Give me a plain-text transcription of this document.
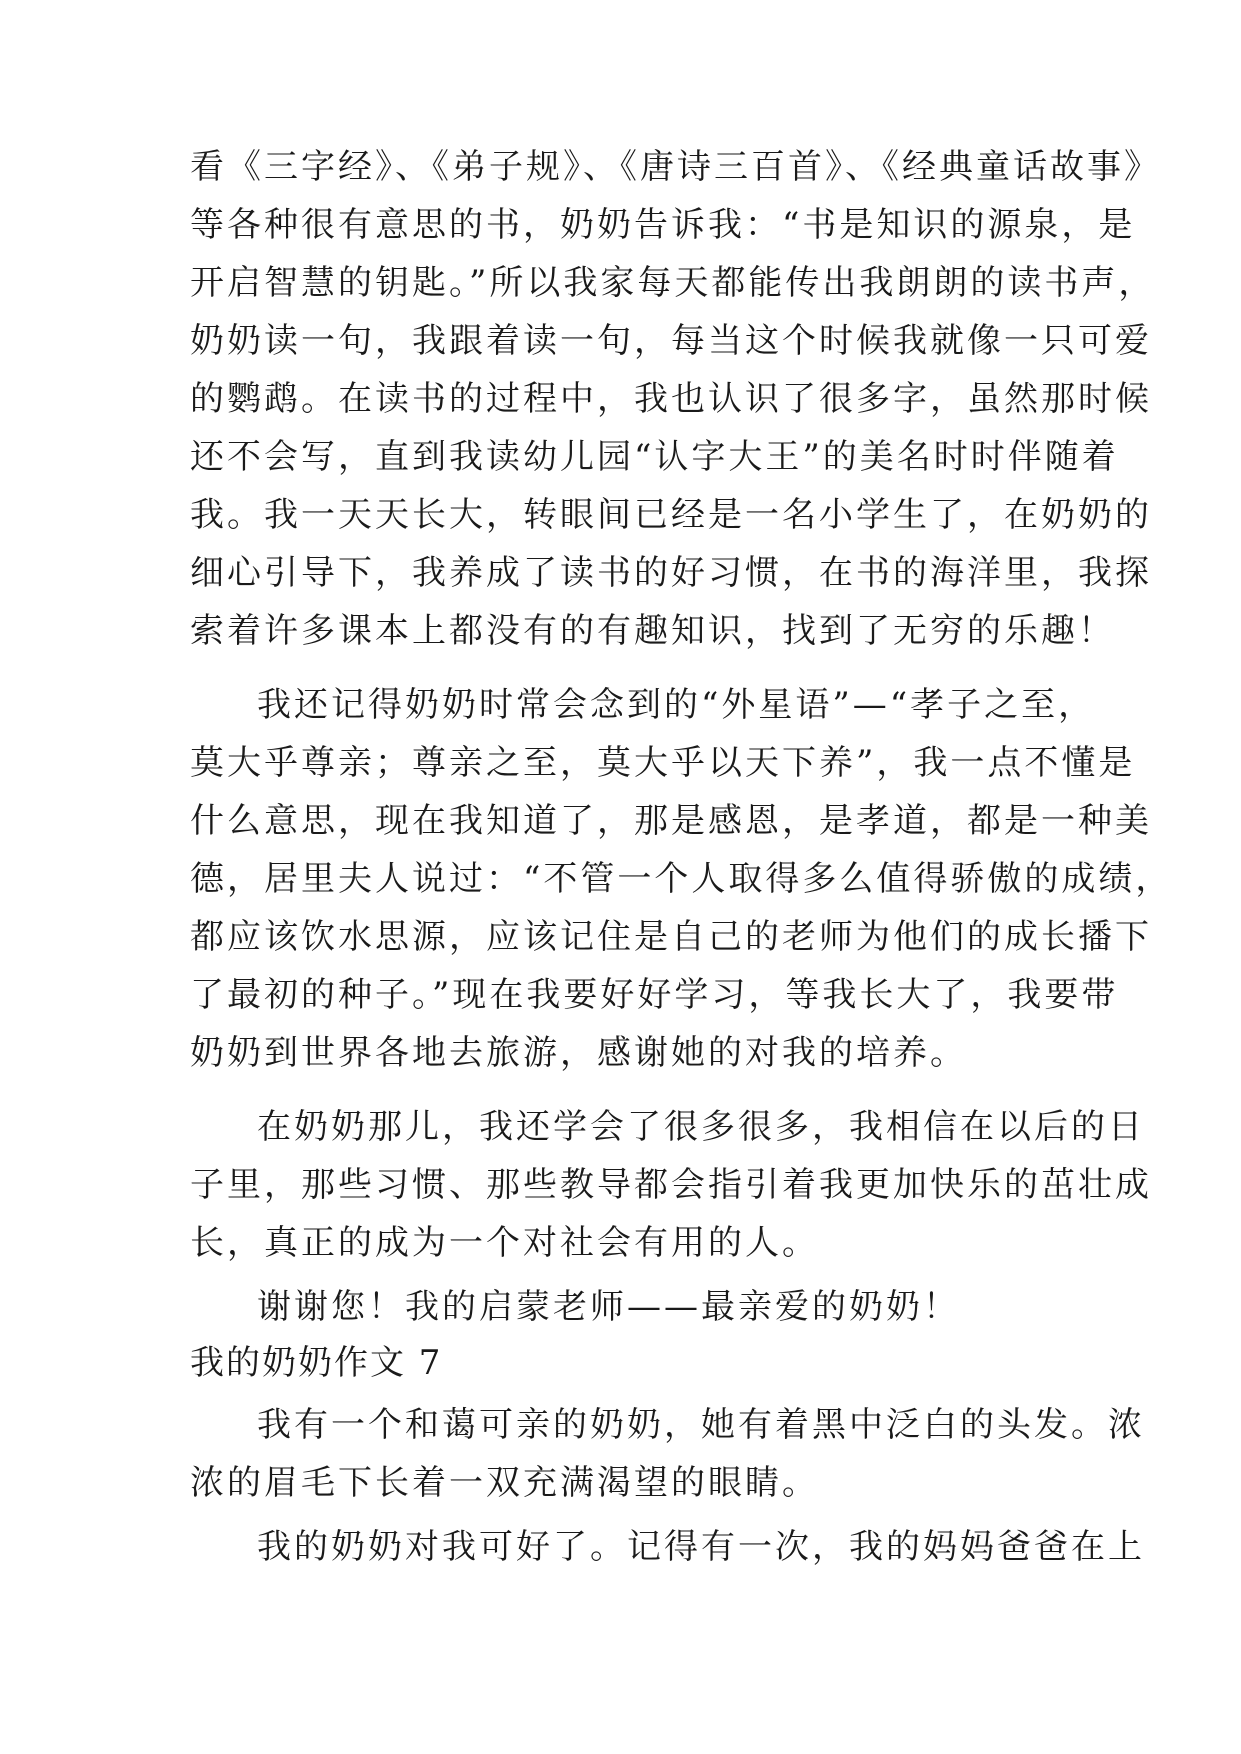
看《三字经》、《弟子规》、《唐诗三百首》、《经典童话故事》
等各种很有意思的书，奶奶告诉我：“书是知识的源泉，是
开启智慧的钥匙。”所以我家每天都能传出我朗朗的读书声，
奶奶读一句，我跟着读一句，每当这个时候我就像一只可爱
的鹦鹉。在读书的过程中，我也认识了很多字，虽然那时候
还不会写，直到我读幼儿园“认字大王”的美名时时伴随着
我。我一天天长大，转眼间已经是一名小学生了，在奶奶的
细心引导下，我养成了读书的好习惯，在书的海洋里，我探
索着许多课本上都没有的有趣知识，找到了无穷的乐趣！
我还记得奶奶时常会念到的“外星语”—“孝子之至，
莫大乎尊亲；尊亲之至，莫大乎以天下养”，我一点不懂是
什么意思，现在我知道了，那是感恩，是孝道，都是一种美
德，居里夫人说过：“不管一个人取得多么值得骄傲的成绩，
都应该饮水思源，应该记住是自己的老师为他们的成长播下
了最初的种子。”现在我要好好学习，等我长大了，我要带
奶奶到世界各地去旅游，感谢她的对我的培养。
在奶奶那儿，我还学会了很多很多，我相信在以后的日
子里，那些习惯、那些教导都会指引着我更加快乐的茁壮成
长，真正的成为一个对社会有用的人。
谢谢您！我的启蒙老师——最亲爱的奶奶！
我的奶奶作文 7
我有一个和蔼可亲的奶奶，她有着黑中泛白的头发。浓
浓的眉毛下长着一双充满渴望的眼睛。
我的奶奶对我可好了。记得有一次，我的妈妈爸爸在上
